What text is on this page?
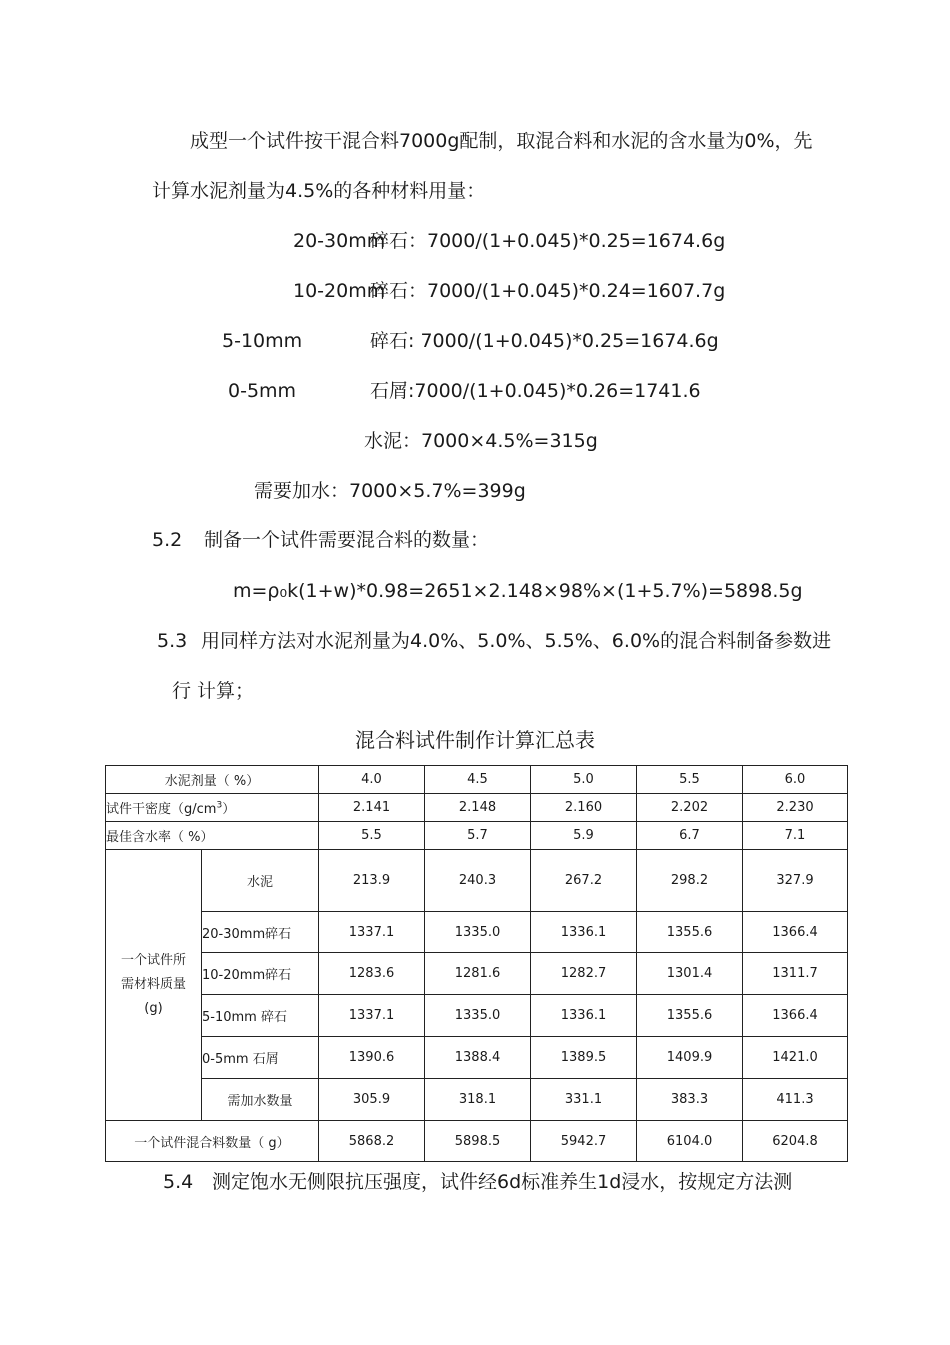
成型一个试件按干混合料7000g配制，取混合料和水泥的含水量为0%，先
计算水泥剂量为4.5%的各种材料用量：
20-30mm
碎石：7000/(1+0.045)*0.25=1674.6g
10-20mm
碎石：7000/(1+0.045)*0.24=1607.7g
5-10mm	碎石: 7000/(1+0.045)*0.25=1674.6g
0-5mm	石屑:7000/(1+0.045)*0.26=1741.6
水泥：7000×4.5%=315g
需要加水：7000×5.7%=399g
5.2 制备一个试件需要混合料的数量：
m=ρ₀k(1+w)*0.98=2651×2.148×98%×(1+5.7%)=5898.5g
5.3 用同样方法对水泥剂量为4.0%、5.0%、5.5%、6.0%的混合料制备参数进
行 计算；
混合料试件制作计算汇总表
水泥剂量（ %）		4.0	4.5	5.0	5.5	6.0
试件干密度$(g/cm^3)$		2.141	2.148	2.160	2.202	2.230
最佳含水率（ %）		5.5	5.7	5.9	6.7	7.1

一个试件所
需材料质量
(g)	水泥	213.9	240.3	267.2	298.2	327.9
	20-30mm碎石	1337.1	1335.0	1336.1	1355.6	1366.4
	10-20mm碎石	1283.6	1281.6	1282.7	1301.4	1311.7
	5-10mm 碎石	1337.1	1335.0	1336.1	1355.6	1366.4
	0-5mm 石屑	1390.6	1388.4	1389.5	1409.9	1421.0
	需加水数量	305.9	318.1	331.1	383.3	411.3
一个试件混合料数量（ g）		5868.2	5898.5	5942.7	6104.0	6204.8
5.4 测定饱水无侧限抗压强度，试件经6d标准养生1d浸水，按规定方法测
